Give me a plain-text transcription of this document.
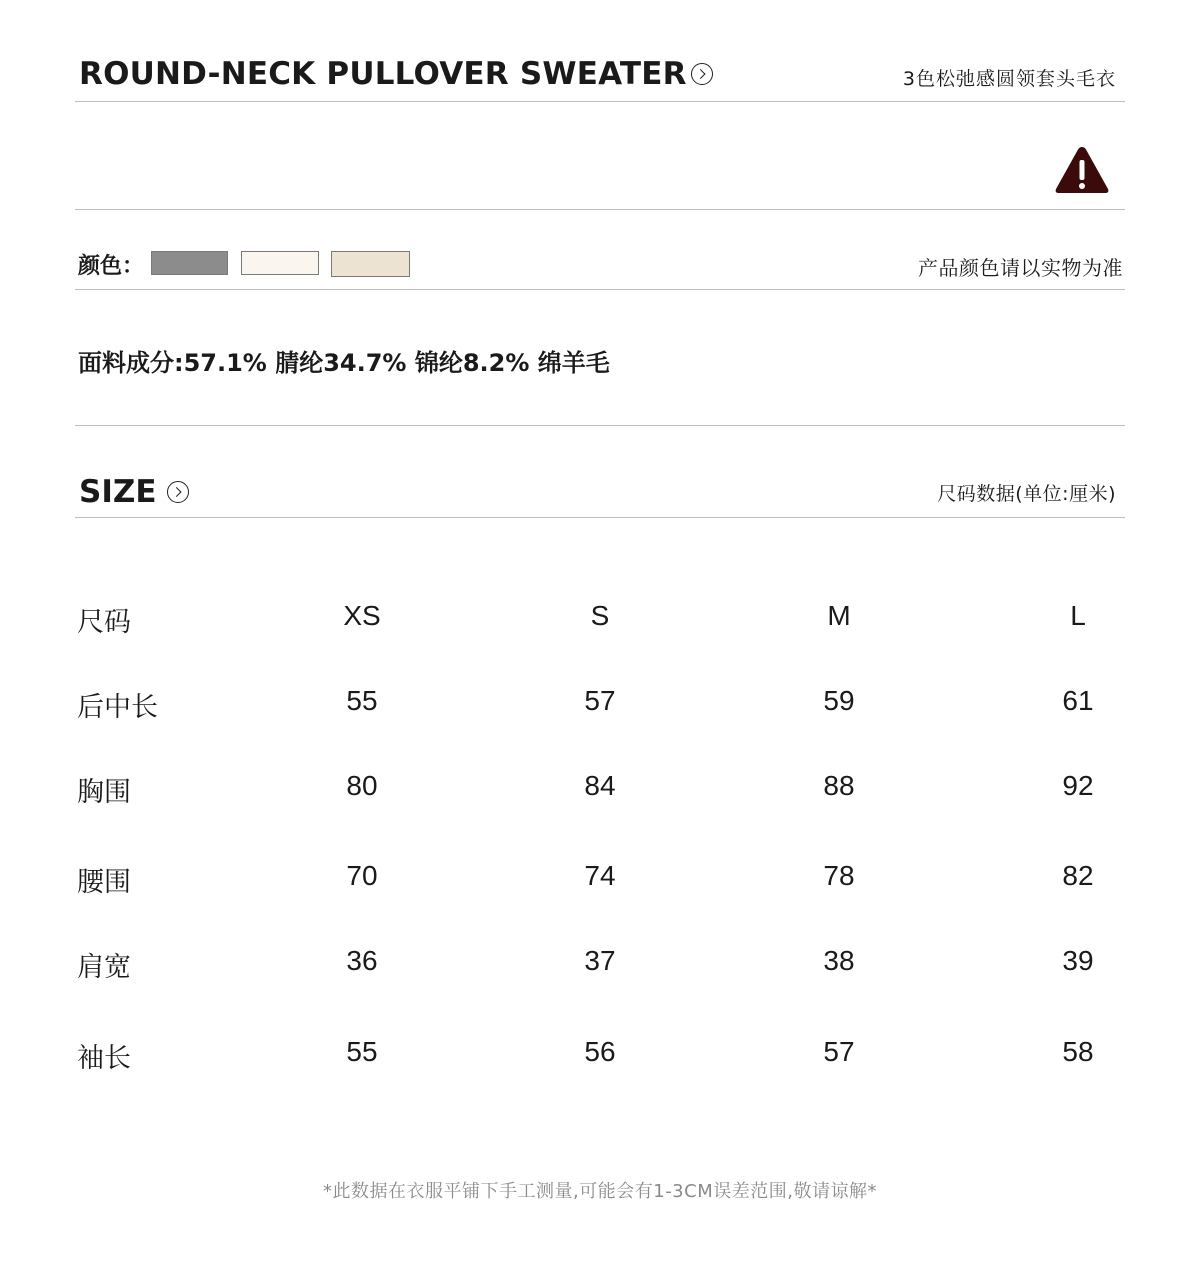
ROUND-NECK PULLOVER SWEATER	3色松弛感圆领套头毛衣
颜色：	产品颜色请以实物为准
面料成分:57.1% 腈纶34.7% 锦纶8.2% 绵羊毛
SIZE	尺码数据(单位:厘米)
尺码	XS	S	M	L
后中长	55	57	59	61
胸围	80	84	88	92
腰围	70	74	78	82
肩宽	36	37	38	39
袖长	55	56	57	58
*此数据在衣服平铺下手工测量,可能会有1-3CM误差范围,敬请谅解*
